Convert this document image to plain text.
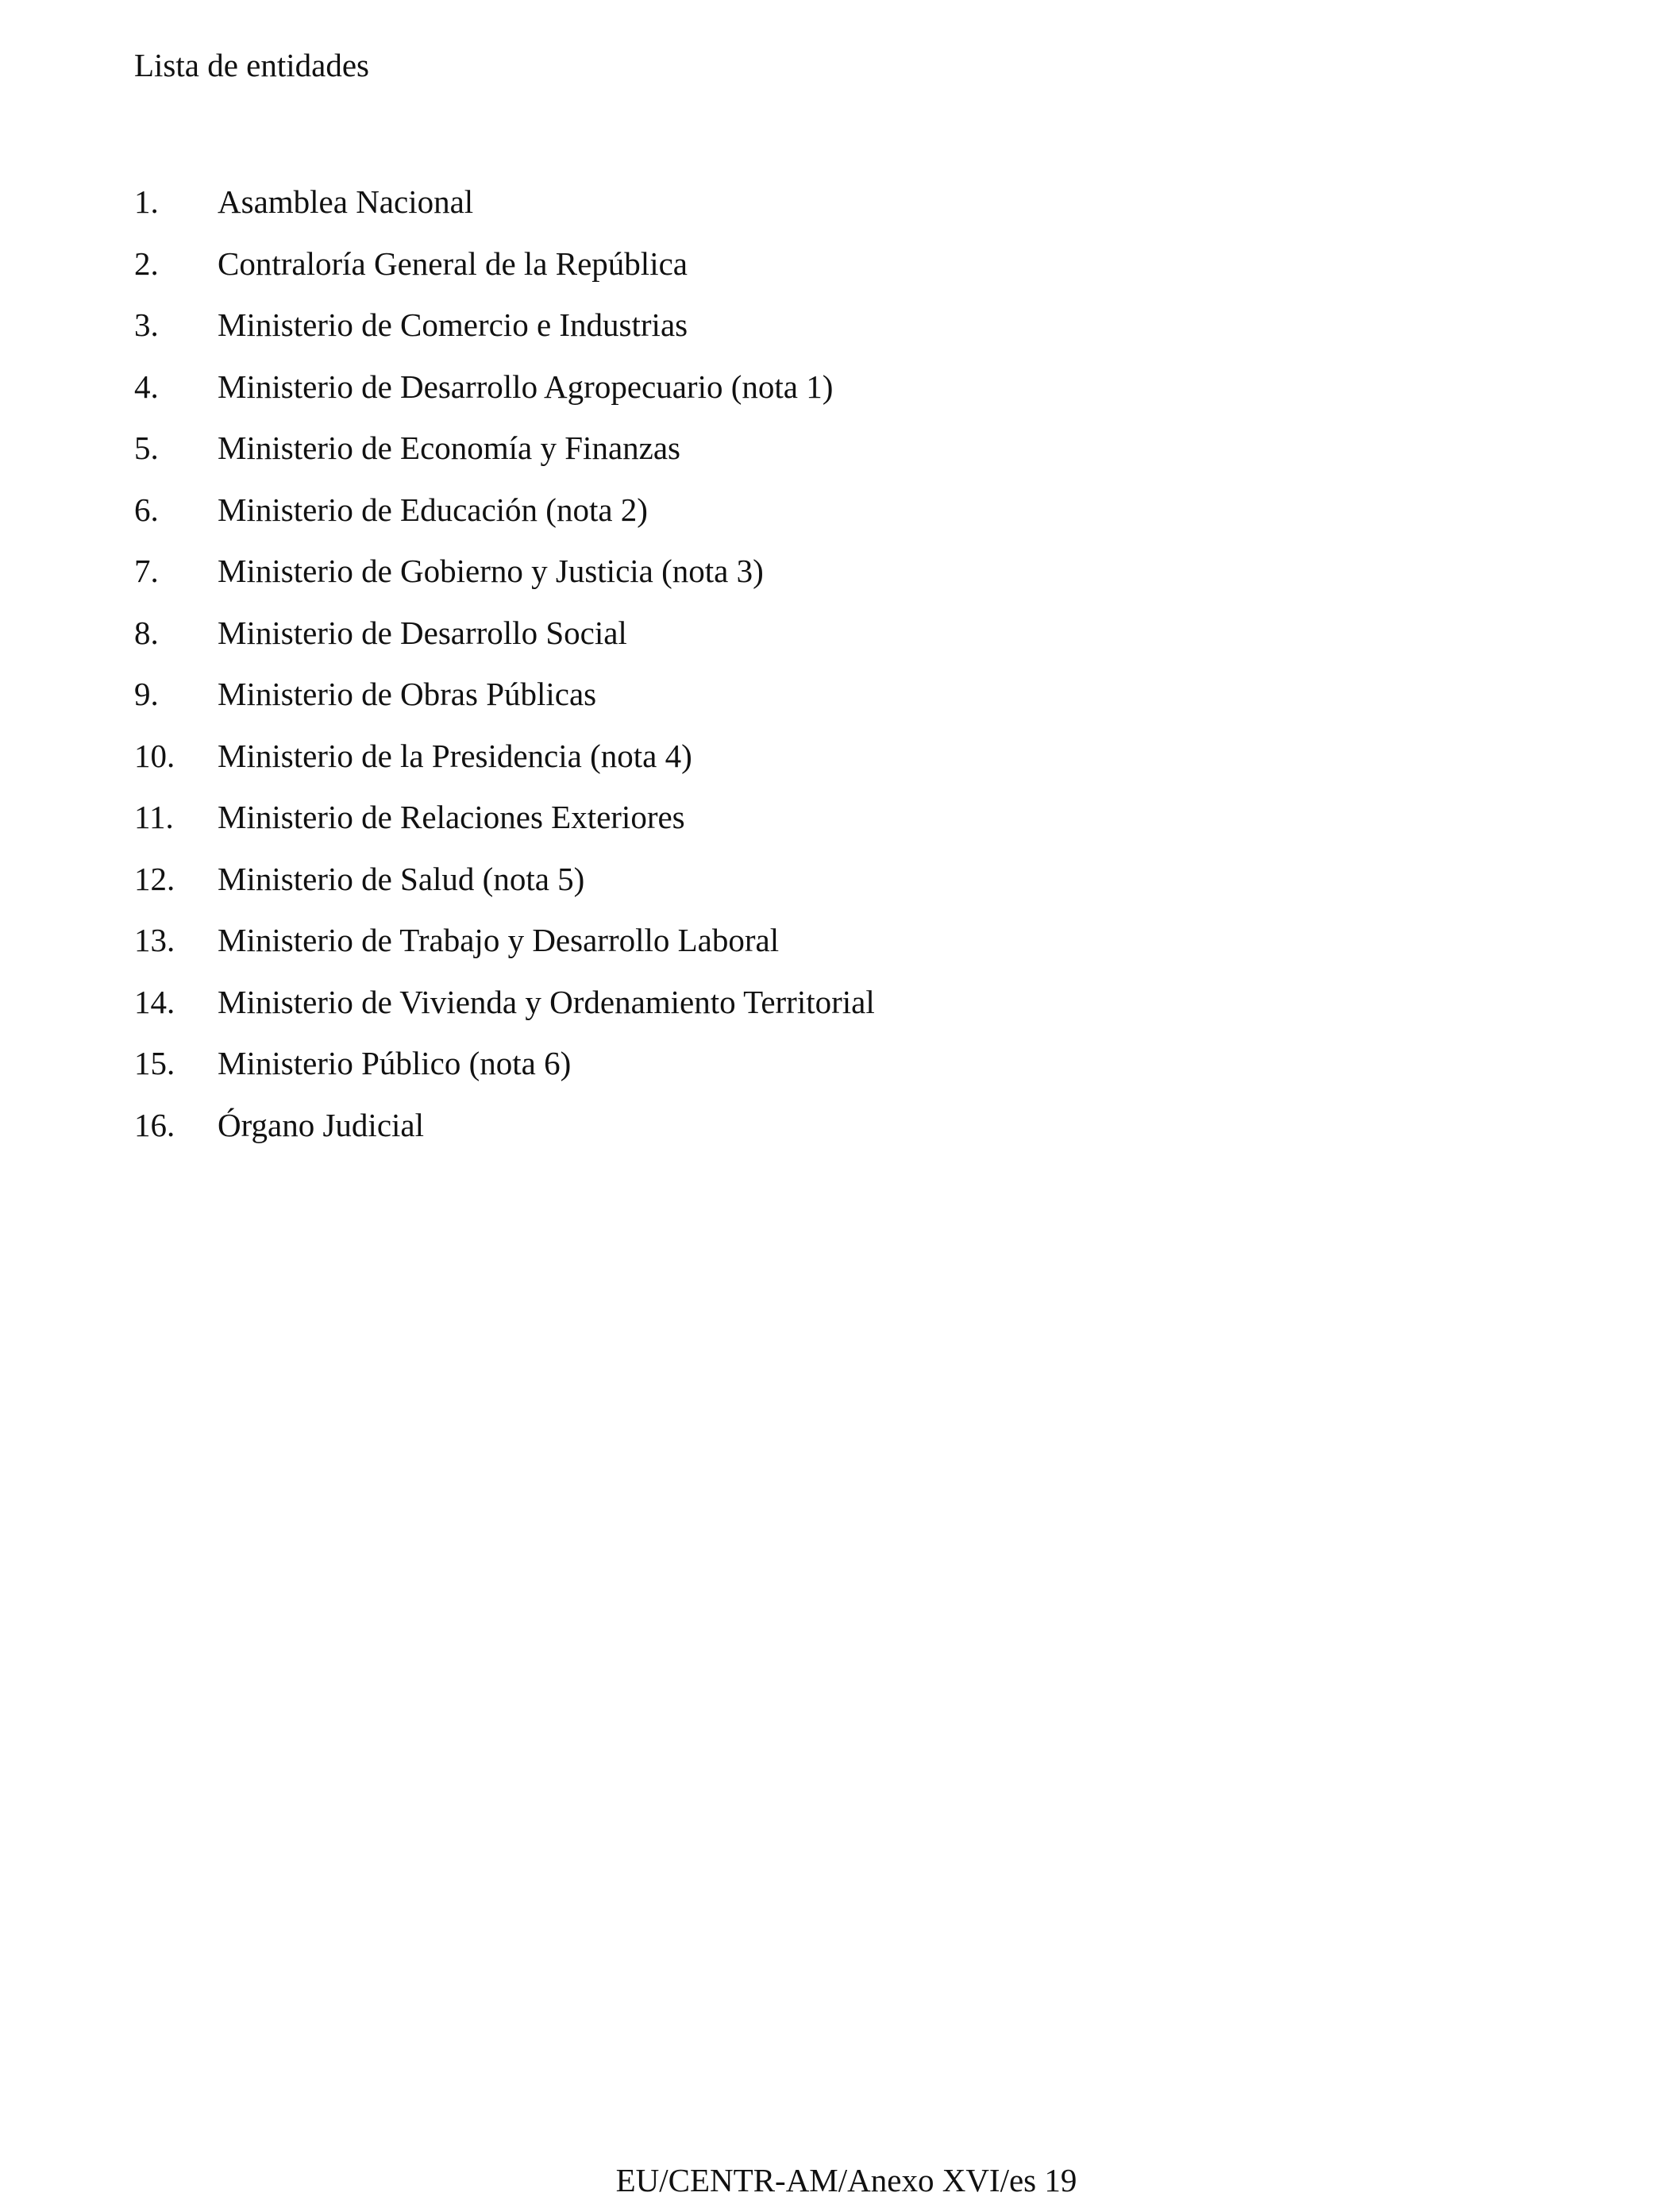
Lista de entidades
1.	Asamblea Nacional
2.	Contraloría General de la República
3.	Ministerio de Comercio e Industrias
4.	Ministerio de Desarrollo Agropecuario (nota 1)
5.	Ministerio de Economía y Finanzas
6.	Ministerio de Educación (nota 2)
7.	Ministerio de Gobierno y Justicia (nota 3)
8.	Ministerio de Desarrollo Social
9.	Ministerio de Obras Públicas
10.	Ministerio de la Presidencia (nota 4)
11.	Ministerio de Relaciones Exteriores
12.	Ministerio de Salud (nota 5)
13.	Ministerio de Trabajo y Desarrollo Laboral
14.	Ministerio de Vivienda y Ordenamiento Territorial
15.	Ministerio Público (nota 6)
16.	Órgano Judicial
EU/CENTR-AM/Anexo XVI/es 19
